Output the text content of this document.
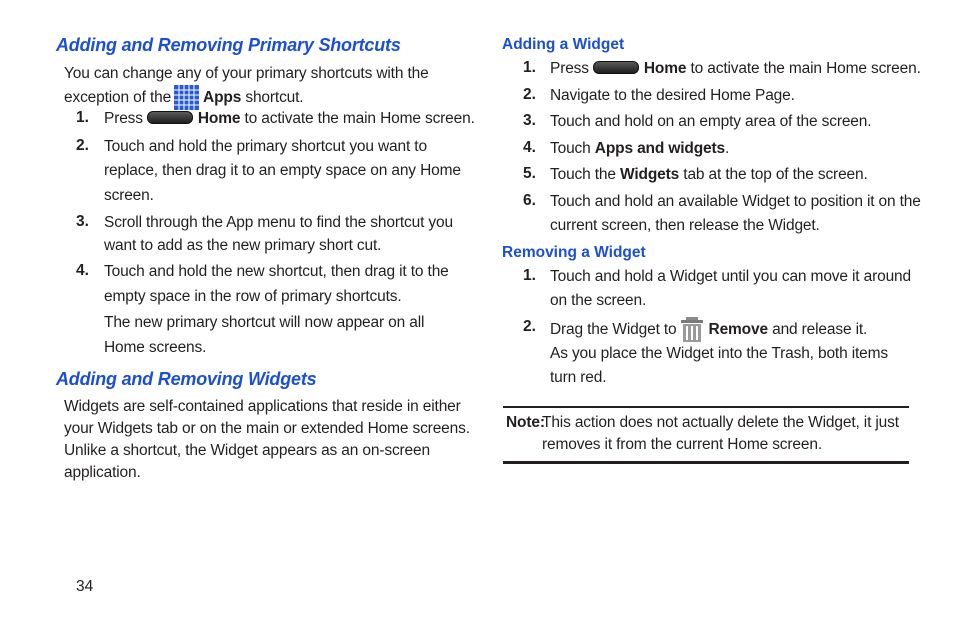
Adding and Removing Primary Shortcuts
You can change any of your primary shortcuts with the
exception of the Apps shortcut.
1. Press	Home to activate the main Home screen.
2. Touch and hold the primary shortcut you want to
replace, then drag it to an empty space on any Home
screen.
3. Scroll through the App menu to find the shortcut you
want to add as the new primary short cut.
4. Touch and hold the new shortcut, then drag it to the
empty space in the row of primary shortcuts.
The new primary shortcut will now appear on all
Home screens.
Adding and Removing Widgets
Widgets are self-contained applications that reside in either
your Widgets tab or on the main or extended Home screens.
Unlike a shortcut, the Widget appears as an on-screen
application.
Adding a Widget
1. Press	Home to activate the main Home screen.
2. Navigate to the desired Home Page.
3. Touch and hold on an empty area of the screen.
4. Touch Apps and widgets.
5. Touch the Widgets tab at the top of the screen.
6. Touch and hold an available Widget to position it on the
current screen, then release the Widget.
Removing a Widget
1. Touch and hold a Widget until you can move it around
on the screen.
2. Drag the Widget to Remove and release it.
As you place the Widget into the Trash, both items
turn red.
Note:
This action does not actually delete the Widget, it just
removes it from the current Home screen.
34
